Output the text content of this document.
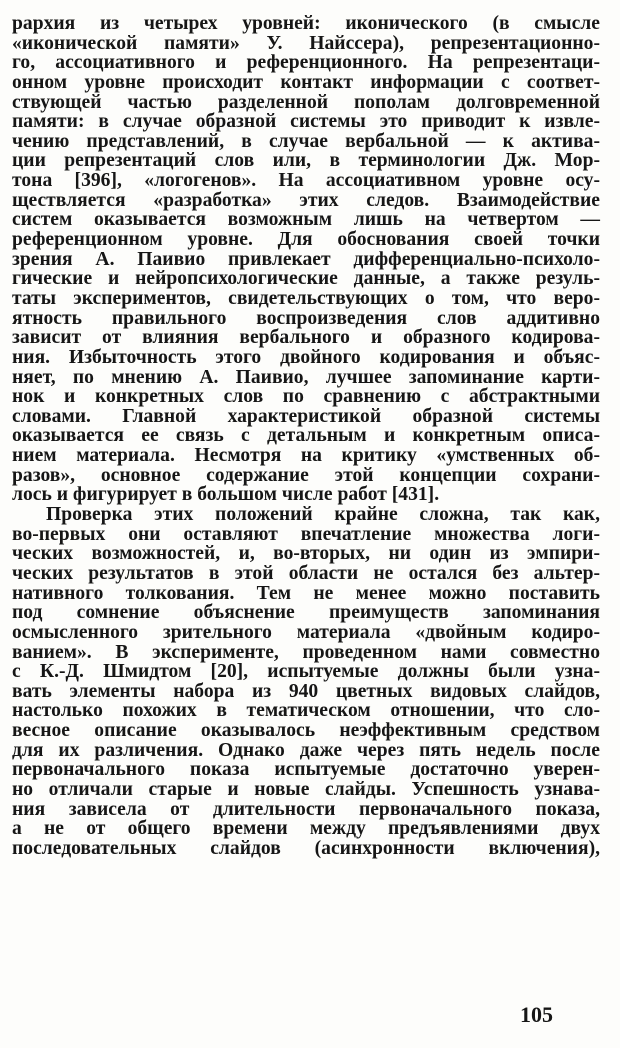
рархия из четырех уровней: иконического (в смысле
«иконической памяти» У. Найссера), репрезентационно-
го, ассоциативного и референционного. На репрезентаци-
онном уровне происходит контакт информации с соответ-
ствующей частью разделенной пополам долговременной
памяти: в случае образной системы это приводит к извле-
чению представлений, в случае вербальной — к активa-
ции репрезентаций слов или, в терминологии Дж. Мор-
тона [396], «логогенов». На ассоциативном уровне осу-
ществляется «разработка» этих следов. Взаимодействие
систем оказывается возможным лишь на четвертом —
референционном уровне. Для обоснования своей точки
зрения А. Паивио привлекает дифференциально-психоло-
гические и нейропсихологические данные, а также резуль-
таты экспериментов, свидетельствующих о том, что веро-
ятность правильного воспроизведения слов аддитивно
зависит от влияния вербального и образного кодирова-
ния. Избыточность этого двойного кодирования и объяс-
няет, по мнению А. Паивио, лучшее запоминание карти-
нок и конкретных слов по сравнению с абстрактными
словами. Главной характеристикой образной системы
оказывается ее связь с детальным и конкретным описа-
нием материала. Несмотря на критику «умственных об-
разов», основное содержание этой концепции сохрани-
лось и фигурирует в большом числе работ [431].
Проверка этих положений крайне сложна, так как,
во-первых они оставляют впечатление множества логи-
ческих возможностей, и, во-вторых, ни один из эмпири-
ческих результатов в этой области не остался без альтер-
нативного толкования. Тем не менее можно поставить
под сомнение объяснение преимуществ запоминания
осмысленного зрительного материала «двойным кодиро-
ванием». В эксперименте, проведенном нами совместно
с К.-Д. Шмидтом [20], испытуемые должны были узна-
вать элементы набора из 940 цветных видовых слайдов,
настолько похожих в тематическом отношении, что сло-
весное описание оказывалось неэффективным средством
для их различения. Однако даже через пять недель после
первоначального показа испытуемые достаточно уверен-
но отличали старые и новые слайды. Успешность узнава-
ния зависела от длительности первоначального показа,
а не от общего времени между предъявлениями двух
последовательных слайдов (асинхронности включения),
105
